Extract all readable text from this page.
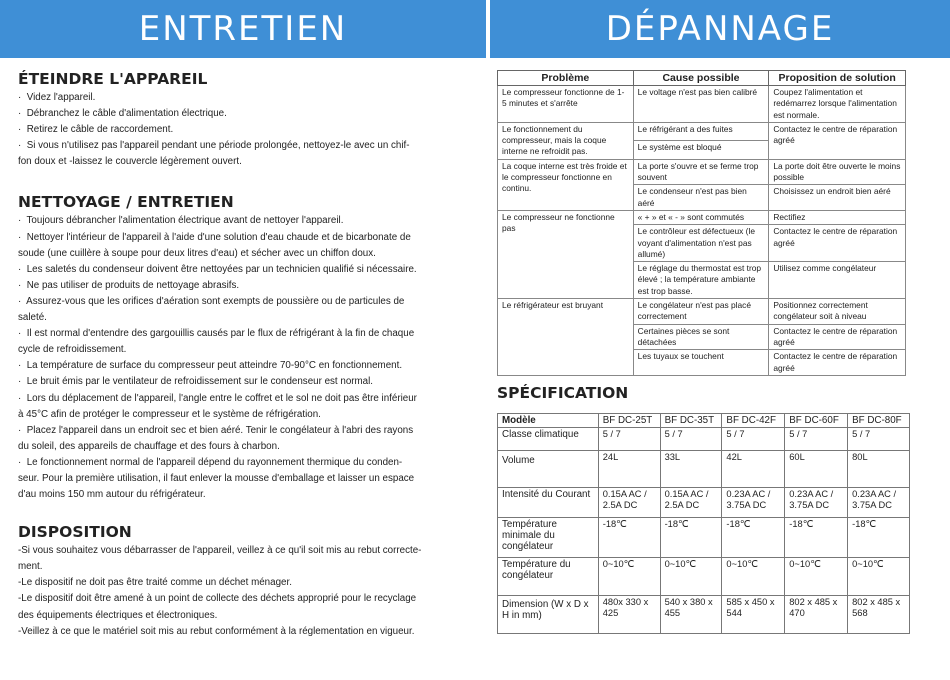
ENTRETIEN	DÉPANNAGE
ÉTEINDRE L'APPAREIL
·  Videz l'appareil.
·  Débranchez le câble d'alimentation électrique.
·  Retirez le câble de raccordement.
·  Si vous n'utilisez pas l'appareil pendant une période prolongée, nettoyez-le avec un chif-
fon doux et -laissez le couvercle légèrement ouvert.
NETTOYAGE / ENTRETIEN
·  Toujours débrancher l'alimentation électrique avant de nettoyer l'appareil.
·  Nettoyer l'intérieur de l'appareil à l'aide d'une solution d'eau chaude et de bicarbonate de
soude (une cuillère à soupe pour deux litres d'eau) et sécher avec un chiffon doux.
·  Les saletés du condenseur doivent être nettoyées par un technicien qualifié si nécessaire.
·  Ne pas utiliser de produits de nettoyage abrasifs.
·  Assurez-vous que les orifices d'aération sont exempts de poussière ou de particules de
saleté.
·  Il est normal d'entendre des gargouillis causés par le flux de réfrigérant à la fin de chaque
cycle de refroidissement.
·  La température de surface du compresseur peut atteindre 70-90°C en fonctionnement.
·  Le bruit émis par le ventilateur de refroidissement sur le condenseur est normal.
·  Lors du déplacement de l'appareil, l'angle entre le coffret et le sol ne doit pas être inférieur
à 45°C afin de protéger le compresseur et le système de réfrigération.
·  Placez l'appareil dans un endroit sec et bien aéré. Tenir le congélateur à l'abri des rayons
du soleil, des appareils de chauffage et des fours à charbon.
·  Le fonctionnement normal de l'appareil dépend du rayonnement thermique du conden-
seur. Pour la première utilisation, il faut enlever la mousse d'emballage et laisser un espace
d'au moins 150 mm autour du réfrigérateur.
DISPOSITION
-Si vous souhaitez vous débarrasser de l'appareil, veillez à ce qu'il soit mis au rebut correcte-
ment.
-Le dispositif ne doit pas être traité comme un déchet ménager.
-Le dispositif doit être amené à un point de collecte des déchets approprié pour le recyclage
des équipements électriques et électroniques.
-Veillez à ce que le matériel soit mis au rebut conformément à la réglementation en vigueur.
Problème	Cause possible	Proposition de solution
Le compresseur fonctionne de 1-5 minutes et s'arrête	Le voltage n'est pas bien calibré	Coupez l'alimentation et redémarrez lorsque l'alimentation est normale.
Le fonctionnement du compresseur, mais la coque interne ne refroidit pas.	Le réfrigérant a des fuites	Contactez le centre de réparation agréé
	Le système est bloqué	
La coque interne est très froide et le compresseur fonctionne en continu.	La porte s'ouvre et se ferme trop souvent	La porte doit être ouverte le moins possible
	Le condenseur n'est pas bien aéré	Choisissez un endroit bien aéré
Le compresseur ne fonctionne pas	« + » et « - » sont commutés	Rectifiez
	Le contrôleur est défectueux (le voyant d'alimentation n'est pas allumé)	Contactez le centre de réparation agréé
	Le réglage du thermostat est trop élevé ; la température ambiante est trop basse.	Utilisez comme congélateur
Le réfrigérateur est bruyant	Le congélateur n'est pas placé correctement	Positionnez correctement congélateur soit à niveau
	Certaines pièces se sont détachées	Contactez le centre de réparation agréé
	Les tuyaux se touchent	Contactez le centre de réparation agréé
SPÉCIFICATION
Modèle	BF DC-25T	BF DC-35T	BF DC-42F	BF DC-60F	BF DC-80F
Classe climatique	5 / 7	5 / 7	5 / 7	5 / 7	5 / 7
Volume	24L	33L	42L	60L	80L
Intensité du Courant	0.15A AC / 2.5A DC	0.15A AC / 2.5A DC	0.23A AC / 3.75A DC	0.23A AC / 3.75A DC	0.23A AC / 3.75A DC
Température minimale du congélateur	-18℃	-18℃	-18℃	-18℃	-18℃
Température du congélateur	0~10℃	0~10℃	0~10℃	0~10℃	0~10℃
Dimension (W x D x H in mm)	480x 330 x 425	540 x 380 x 455	585 x 450 x 544	802 x 485 x 470	802 x 485 x 568
